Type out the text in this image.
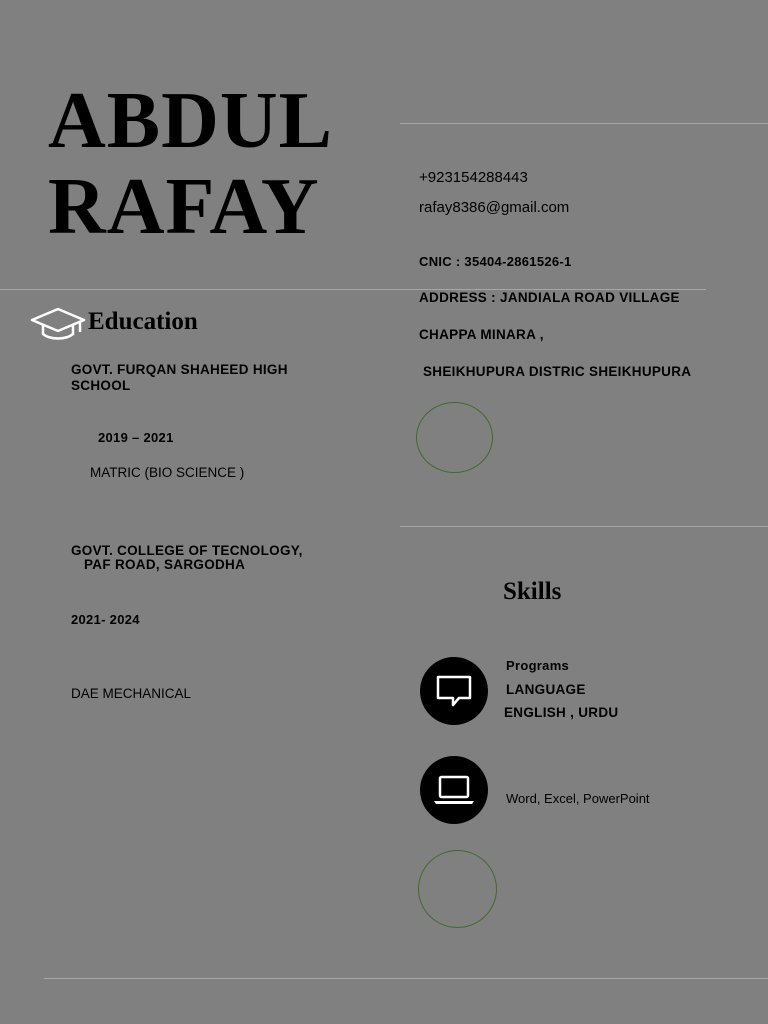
ABDUL
RAFAY	+923154288443
rafay8386@gmail.com
CNIC : 35404-2861526-1
ADDRESS : JANDIALA ROAD VILLAGE
CHAPPA MINARA ,
SHEIKHUPURA DISTRIC SHEIKHUPURA
Education
GOVT. FURQAN SHAHEED HIGH
SCHOOL
2019 – 2021
MATRIC (BIO SCIENCE )
GOVT. COLLEGE OF TECNOLOGY,
PAF ROAD, SARGODHA
2021- 2024
DAE MECHANICAL
Skills
Programs
LANGUAGE
ENGLISH , URDU
Word, Excel, PowerPoint
